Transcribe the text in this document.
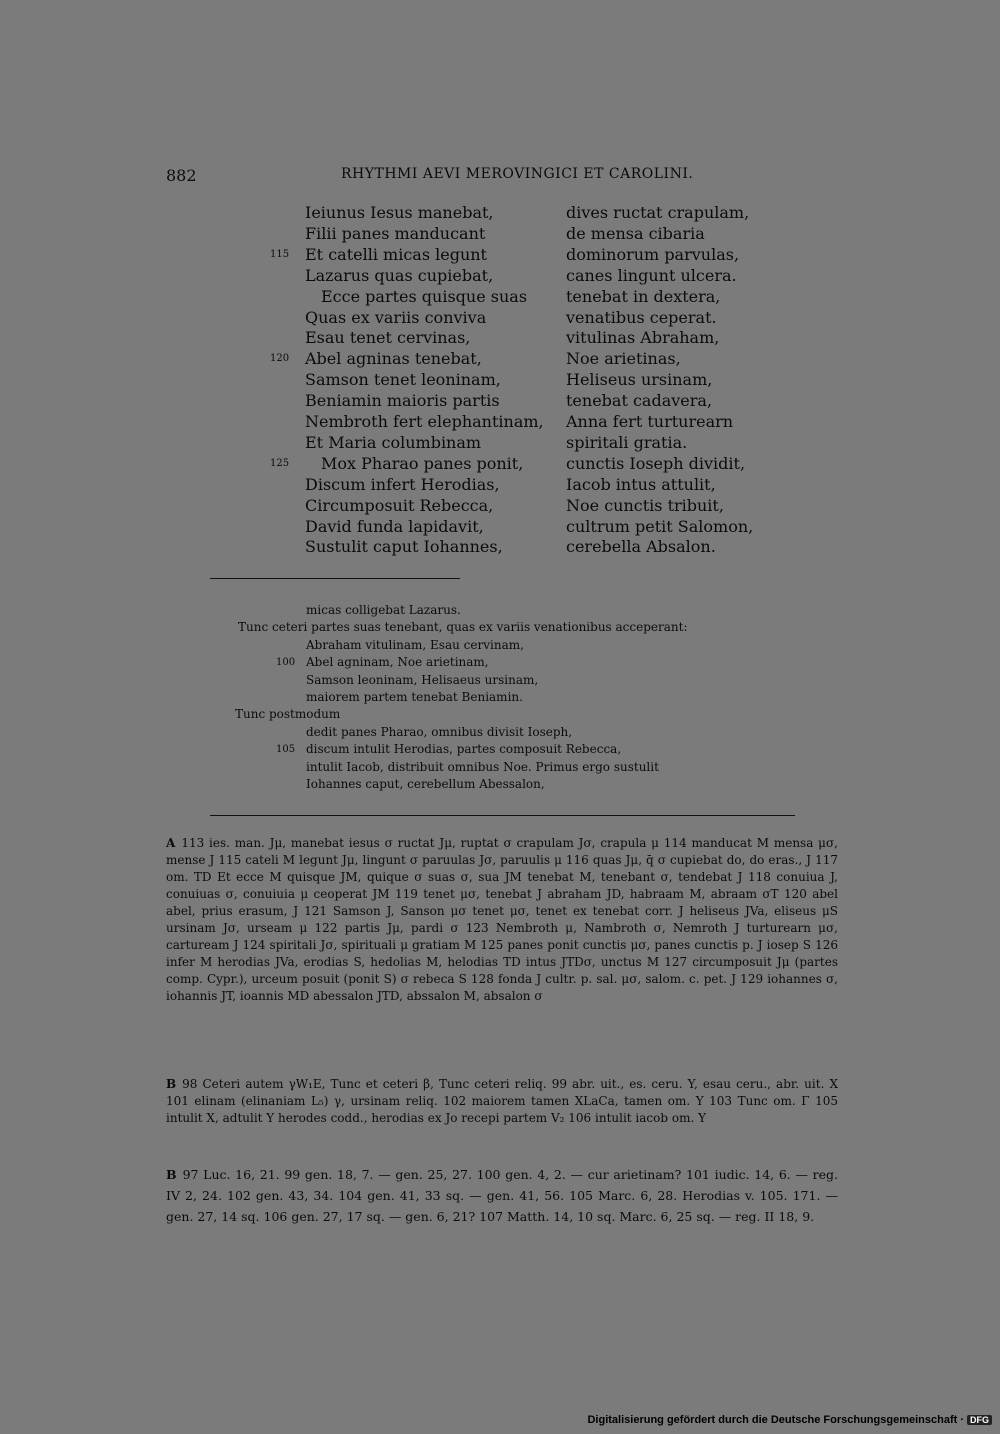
882	RHYTHMI AEVI MEROVINGICI ET CAROLINI.
Ieiunus Iesus manebat,	dives ructat crapulam,
Filii panes manducant	de mensa cibaria
115 Et catelli micas legunt	dominorum parvulas,
Lazarus quas cupiebat,	canes lingunt ulcera.
Ecce partes quisque suas	tenebat in dextera,
Quas ex variis conviva	venatibus ceperat.
Esau tenet cervinas,	vitulinas Abraham,
120 Abel agninas tenebat,	Noe arietinas,
Samson tenet leoninam,	Heliseus ursinam,
Beniamin maioris partis	tenebat cadavera,
Nembroth fert elephantinam,	Anna fert turturearn
Et Maria columbinam	spiritali gratia.
125	Mox Pharao panes ponit,	cunctis Ioseph dividit,
Discum infert Herodias,	Iacob intus attulit,
Circumposuit Rebecca,	Noe cunctis tribuit,
David funda lapidavit,	cultrum petit Salomon,
Sustulit caput Iohannes,	cerebella Absalon.
micas colligebat Lazarus.
Tunc ceteri partes suas tenebant, quas ex variis venationibus acceperant:
Abraham vitulinam, Esau cervinam,
100 Abel agninam, Noe arietinam,
Samson leoninam, Helisaeus ursinam,
maiorem partem tenebat Beniamin.
Tunc postmodum
dedit panes Pharao, omnibus divisit Ioseph,
105 discum intulit Herodias, partes composuit Rebecca,
intulit Iacob, distribuit omnibus Noe. Primus ergo sustulit
Iohannes caput, cerebellum Abessalon,

A 113 ies. man. Jμ, manebat iesus σ ructat Jμ, ruptat σ crapulam Jσ, crapula μ 114 manducat M mensa μσ, mense J 115 cateli M legunt Jμ, lingunt σ paruulas Jσ, paruulis μ 116 quas Jμ, q̄ σ cupiebat do, do eras., J 117 om. TD Et ecce M quisque JM, quique σ suas σ, sua JM tenebat M, tenebant σ, tendebat J 118 conuiua J, conuiuas σ, conuiuia μ ceoperat JM 119 tenet μσ, tenebat J abraham JD, habraam M, abraam σT 120 abel abel, prius erasum, J 121 Samson J, Sanson μσ tenet μσ, tenet ex tenebat corr. J heliseus JVa, eliseus μS ursinam Jσ, urseam μ 122 partis Jμ, pardi σ 123 Nembroth μ, Nambroth σ, Nemroth J turturearn μσ, cartuream J 124 spiritali Jσ, spirituali μ gratiam M 125 panes ponit cunctis μσ, panes cunctis p. J iosep S 126 infer M herodias JVa, erodias S, hedolias M, helodias TD intus JTDσ, unctus M 127 circumposuit Jμ (partes comp. Cypr.), urceum posuit (ponit S) σ rebeca S 128 fonda J cultr. p. sal. μσ, salom. c. pet. J 129 iohannes σ, iohannis JT, ioannis MD abessalon JTD, abssalon M, absalon σ

B 98 Ceteri autem γW₁E, Tunc et ceteri β, Tunc ceteri reliq. 99 abr. uit., es. ceru. Y, esau ceru., abr. uit. X 101 elinam (elinaniam L₅) γ, ursinam reliq. 102 maiorem tamen XLaCa, tamen om. Y 103 Tunc om. Γ 105 intulit X, adtulit Y herodes codd., herodias ex Jo recepi partem V₂ 106 intulit iacob om. Y

B 97 Luc. 16, 21. 99 gen. 18, 7. — gen. 25, 27. 100 gen. 4, 2. — cur arietinam? 101 iudic. 14, 6. — reg. IV 2, 24. 102 gen. 43, 34. 104 gen. 41, 33 sq. — gen. 41, 56. 105 Marc. 6, 28. Herodias v. 105. 171. — gen. 27, 14 sq. 106 gen. 27, 17 sq. — gen. 6, 21? 107 Matth. 14, 10 sq. Marc. 6, 25 sq. — reg. II 18, 9.

Digitalisierung gefördert durch die Deutsche Forschungsgemeinschaft · DFG
